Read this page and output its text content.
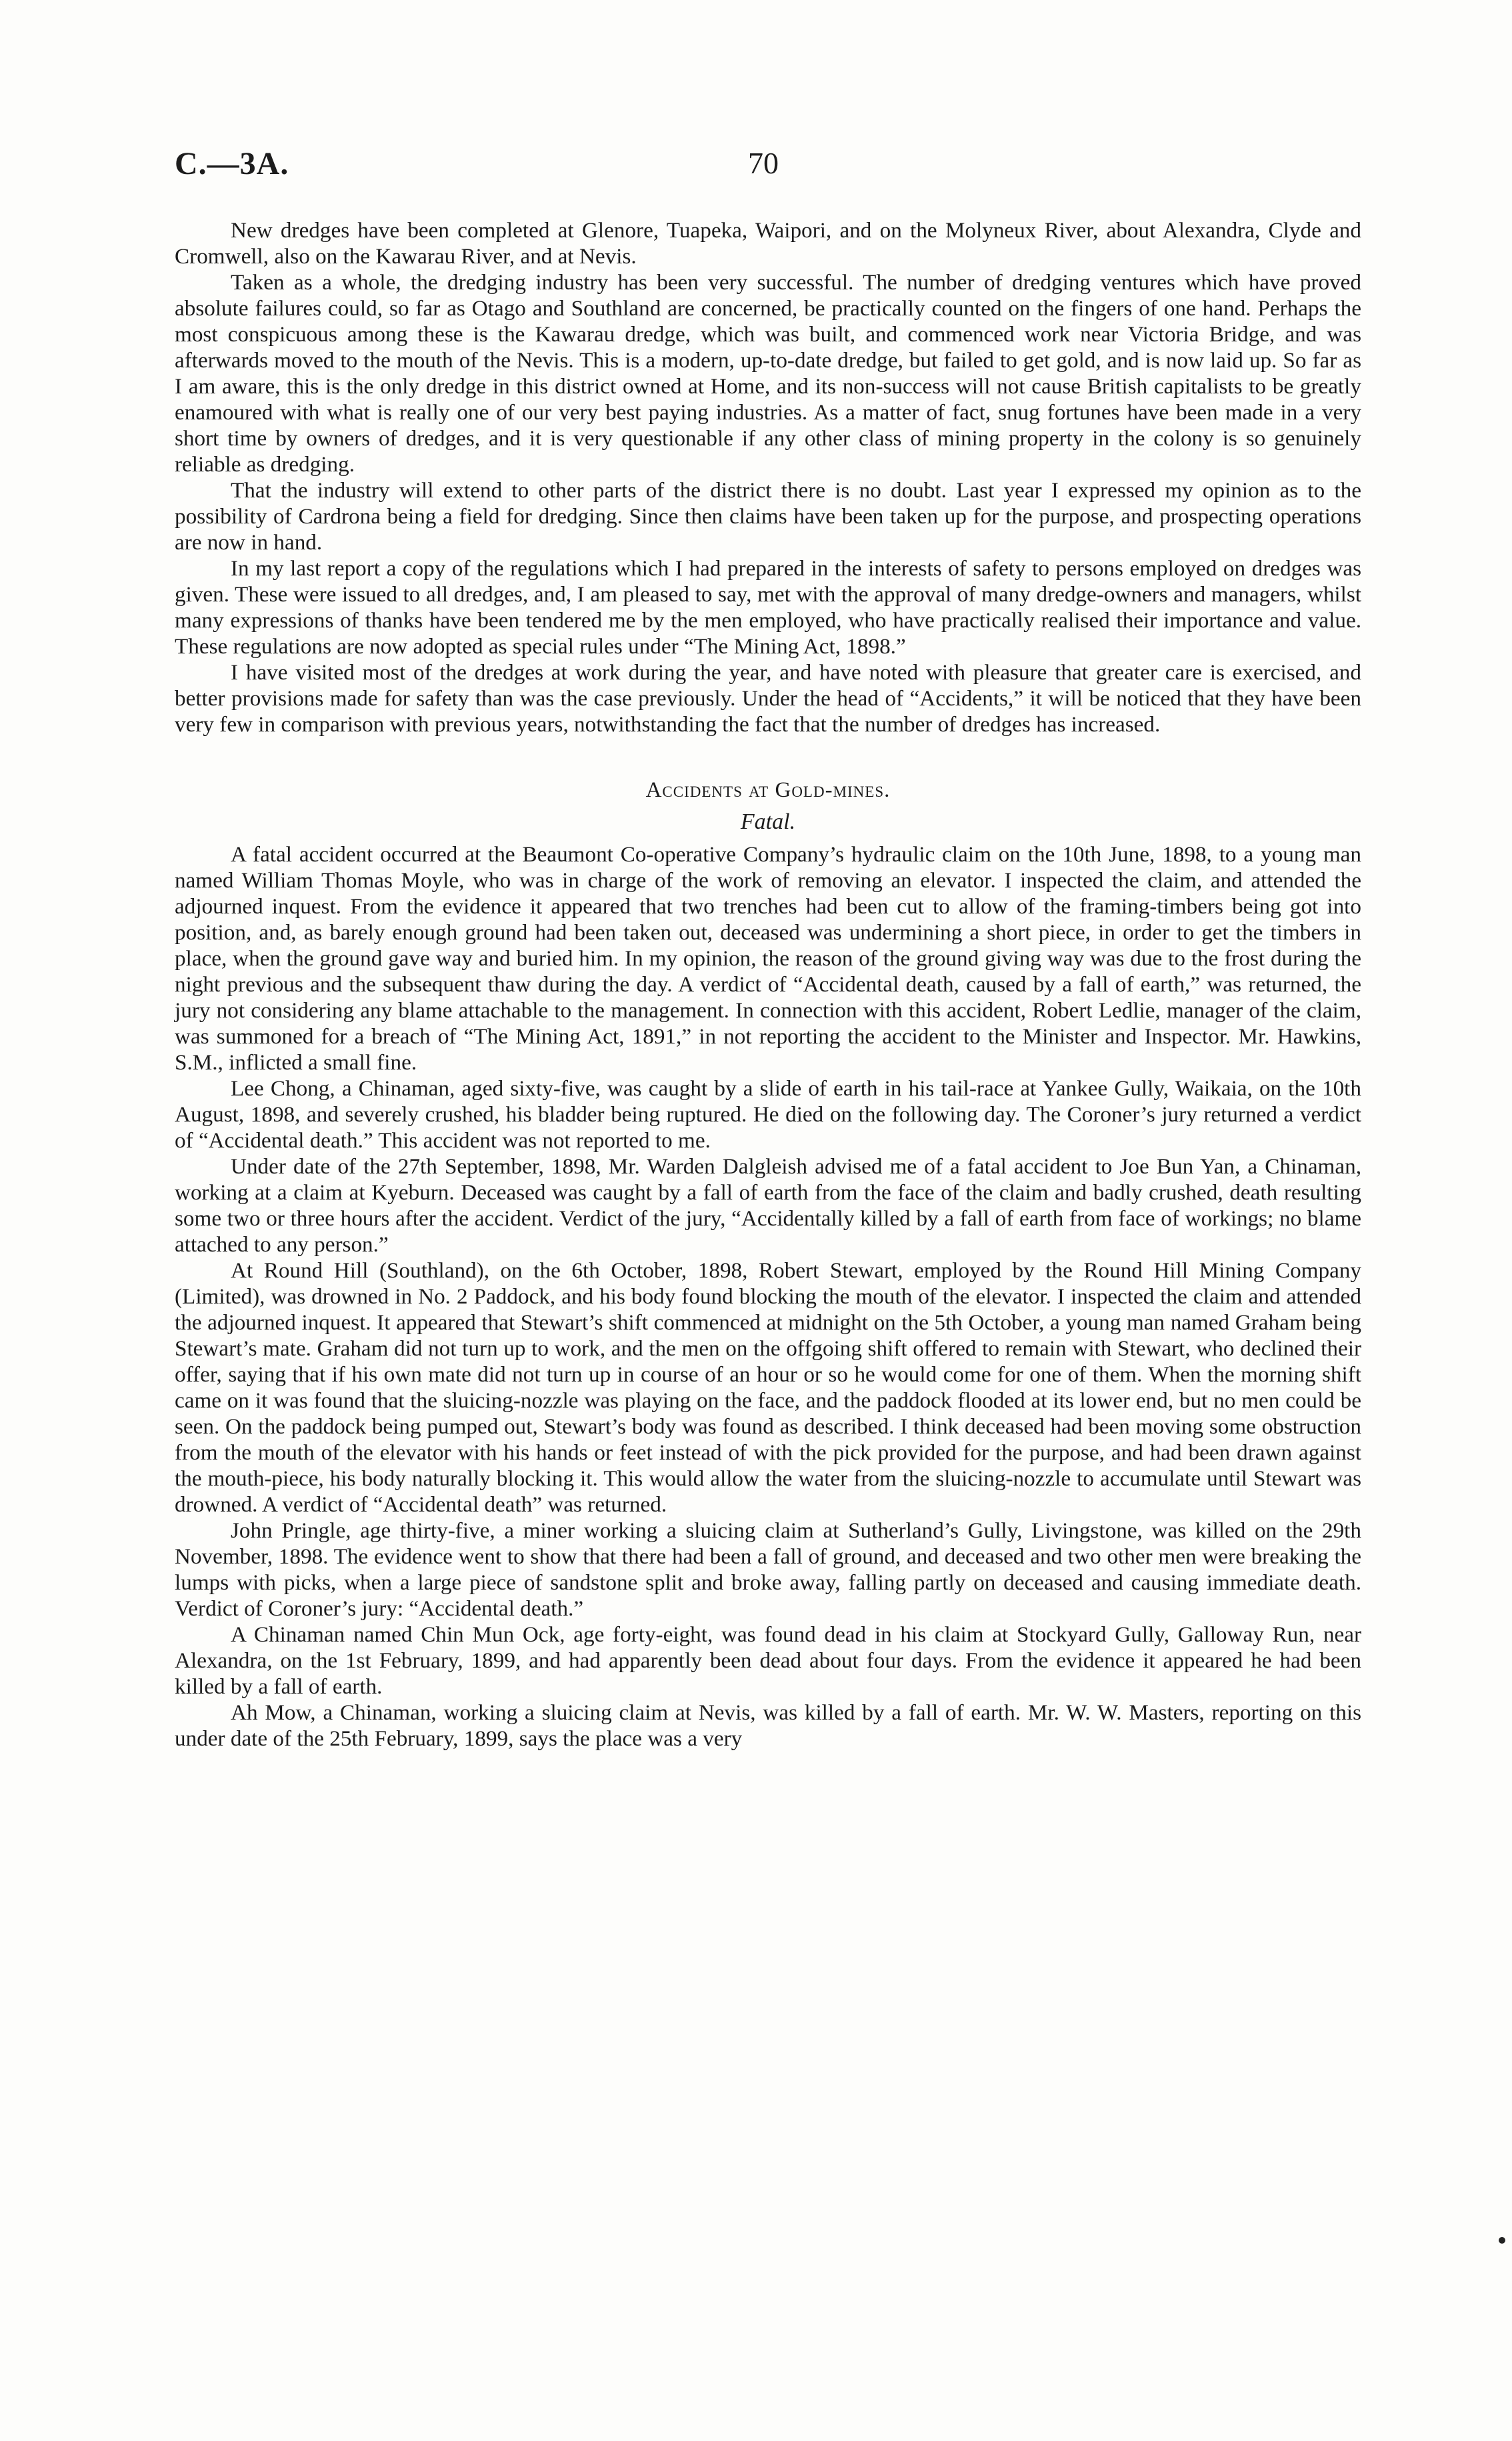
C.—3A.	70

New dredges have been completed at Glenore, Tuapeka, Waipori, and on the Molyneux River, about Alexandra, Clyde and Cromwell, also on the Kawarau River, and at Nevis.

Taken as a whole, the dredging industry has been very successful. The number of dredging ventures which have proved absolute failures could, so far as Otago and Southland are concerned, be practically counted on the fingers of one hand. Perhaps the most conspicuous among these is the Kawarau dredge, which was built, and commenced work near Victoria Bridge, and was afterwards moved to the mouth of the Nevis. This is a modern, up-to-date dredge, but failed to get gold, and is now laid up. So far as I am aware, this is the only dredge in this district owned at Home, and its non-success will not cause British capitalists to be greatly enamoured with what is really one of our very best paying industries. As a matter of fact, snug fortunes have been made in a very short time by owners of dredges, and it is very questionable if any other class of mining property in the colony is so genuinely reliable as dredging.

That the industry will extend to other parts of the district there is no doubt. Last year I expressed my opinion as to the possibility of Cardrona being a field for dredging. Since then claims have been taken up for the purpose, and prospecting operations are now in hand.

In my last report a copy of the regulations which I had prepared in the interests of safety to persons employed on dredges was given. These were issued to all dredges, and, I am pleased to say, met with the approval of many dredge-owners and managers, whilst many expressions of thanks have been tendered me by the men employed, who have practically realised their importance and value. These regulations are now adopted as special rules under “The Mining Act, 1898.”

I have visited most of the dredges at work during the year, and have noted with pleasure that greater care is exercised, and better provisions made for safety than was the case previously. Under the head of “Accidents,” it will be noticed that they have been very few in comparison with previous years, notwithstanding the fact that the number of dredges has increased.

Accidents at Gold-mines.

Fatal.

A fatal accident occurred at the Beaumont Co-operative Company’s hydraulic claim on the 10th June, 1898, to a young man named William Thomas Moyle, who was in charge of the work of removing an elevator. I inspected the claim, and attended the adjourned inquest. From the evidence it appeared that two trenches had been cut to allow of the framing-timbers being got into position, and, as barely enough ground had been taken out, deceased was undermining a short piece, in order to get the timbers in place, when the ground gave way and buried him. In my opinion, the reason of the ground giving way was due to the frost during the night previous and the subsequent thaw during the day. A verdict of “Accidental death, caused by a fall of earth,” was returned, the jury not considering any blame attachable to the management. In connection with this accident, Robert Ledlie, manager of the claim, was summoned for a breach of “The Mining Act, 1891,” in not reporting the accident to the Minister and Inspector. Mr. Hawkins, S.M., inflicted a small fine.

Lee Chong, a Chinaman, aged sixty-five, was caught by a slide of earth in his tail-race at Yankee Gully, Waikaia, on the 10th August, 1898, and severely crushed, his bladder being ruptured. He died on the following day. The Coroner’s jury returned a verdict of “Accidental death.” This accident was not reported to me.

Under date of the 27th September, 1898, Mr. Warden Dalgleish advised me of a fatal accident to Joe Bun Yan, a Chinaman, working at a claim at Kyeburn. Deceased was caught by a fall of earth from the face of the claim and badly crushed, death resulting some two or three hours after the accident. Verdict of the jury, “Accidentally killed by a fall of earth from face of workings; no blame attached to any person.”

At Round Hill (Southland), on the 6th October, 1898, Robert Stewart, employed by the Round Hill Mining Company (Limited), was drowned in No. 2 Paddock, and his body found blocking the mouth of the elevator. I inspected the claim and attended the adjourned inquest. It appeared that Stewart’s shift commenced at midnight on the 5th October, a young man named Graham being Stewart’s mate. Graham did not turn up to work, and the men on the offgoing shift offered to remain with Stewart, who declined their offer, saying that if his own mate did not turn up in course of an hour or so he would come for one of them. When the morning shift came on it was found that the sluicing-nozzle was playing on the face, and the paddock flooded at its lower end, but no men could be seen. On the paddock being pumped out, Stewart’s body was found as described. I think deceased had been moving some obstruction from the mouth of the elevator with his hands or feet instead of with the pick provided for the purpose, and had been drawn against the mouth-piece, his body naturally blocking it. This would allow the water from the sluicing-nozzle to accumulate until Stewart was drowned. A verdict of “Accidental death” was returned.

John Pringle, age thirty-five, a miner working a sluicing claim at Sutherland’s Gully, Livingstone, was killed on the 29th November, 1898. The evidence went to show that there had been a fall of ground, and deceased and two other men were breaking the lumps with picks, when a large piece of sandstone split and broke away, falling partly on deceased and causing immediate death. Verdict of Coroner’s jury: “Accidental death.”

A Chinaman named Chin Mun Ock, age forty-eight, was found dead in his claim at Stockyard Gully, Galloway Run, near Alexandra, on the 1st February, 1899, and had apparently been dead about four days. From the evidence it appeared he had been killed by a fall of earth.

Ah Mow, a Chinaman, working a sluicing claim at Nevis, was killed by a fall of earth. Mr. W. W. Masters, reporting on this under date of the 25th February, 1899, says the place was a very
